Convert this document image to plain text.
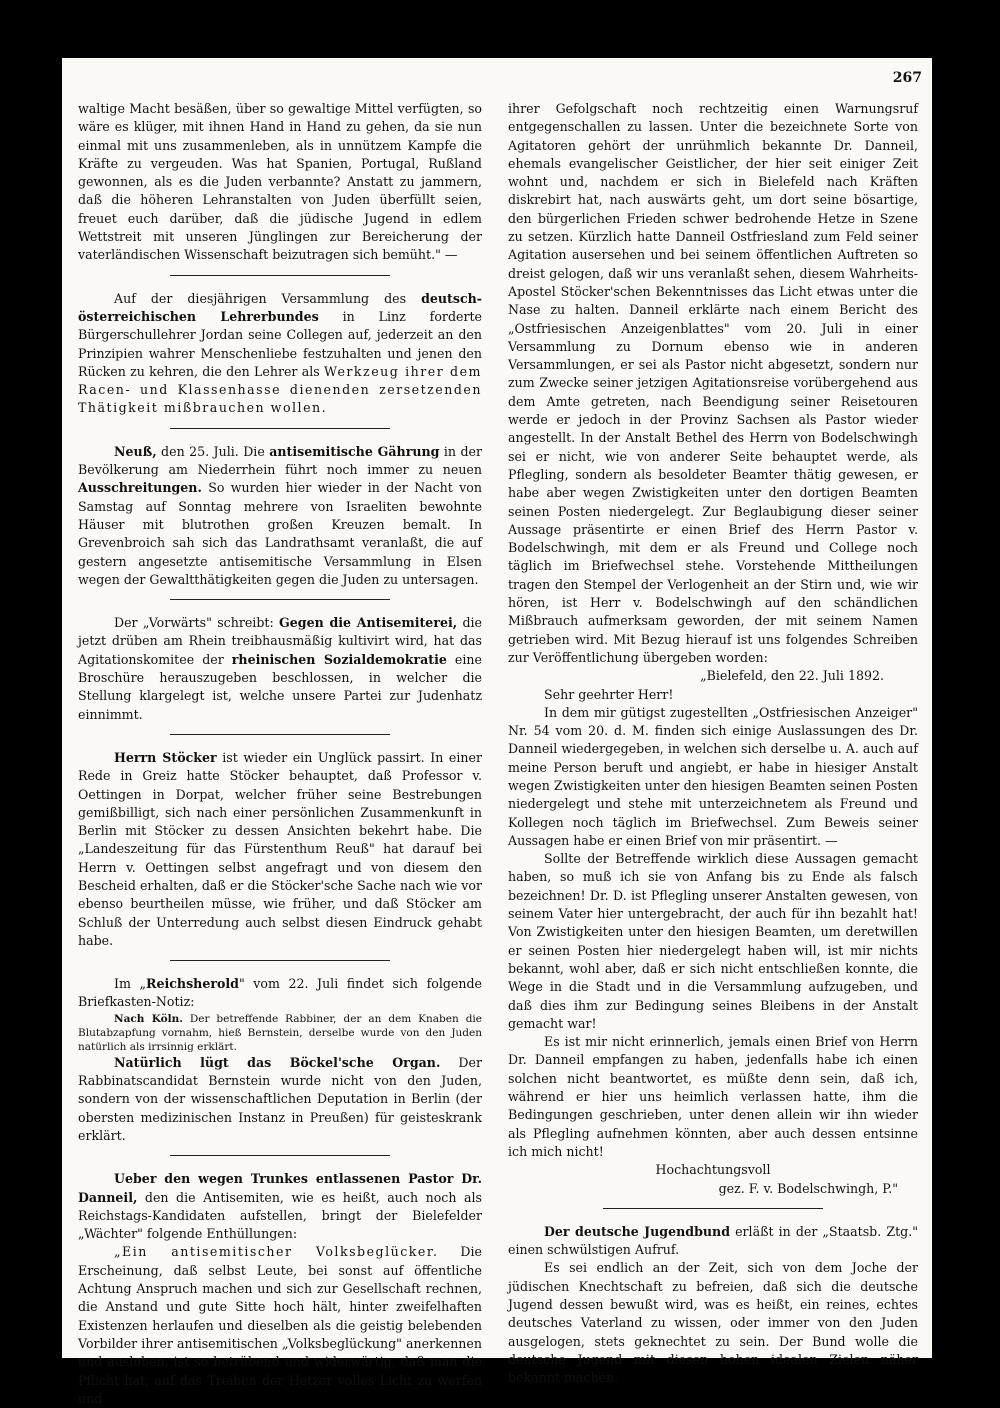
267

waltige Macht besäßen, über so gewaltige Mittel verfügten, so wäre es klüger, mit ihnen Hand in Hand zu gehen, da sie nun einmal mit uns zusammenleben, als in unnützem Kampfe die Kräfte zu vergeuden. Was hat Spanien, Portugal, Rußland gewonnen, als es die Juden verbannte? Anstatt zu jammern, daß die höheren Lehranstalten von Juden überfüllt seien, freuet euch darüber, daß die jüdische Jugend in edlem Wettstreit mit unseren Jünglingen zur Bereicherung der vaterländischen Wissenschaft beizutragen sich bemüht." —

Auf der diesjährigen Versammlung des deutsch-österreichischen Lehrerbundes in Linz forderte Bürgerschullehrer Jordan seine Collegen auf, jederzeit an den Prinzipien wahrer Menschenliebe festzuhalten und jenen den Rücken zu kehren, die den Lehrer als Werkzeug ihrer dem Racen- und Klassenhasse dienenden zersetzenden Thätigkeit mißbrauchen wollen.

Neuß, den 25. Juli. Die antisemitische Gährung in der Bevölkerung am Niederrhein führt noch immer zu neuen Ausschreitungen. So wurden hier wieder in der Nacht von Samstag auf Sonntag mehrere von Israeliten bewohnte Häuser mit blutrothen großen Kreuzen bemalt. In Grevenbroich sah sich das Landrathsamt veranlaßt, die auf gestern angesetzte antisemitische Versammlung in Elsen wegen der Gewaltthätigkeiten gegen die Juden zu untersagen.

Der „Vorwärts" schreibt: Gegen die Antisemiterei, die jetzt drüben am Rhein treibhausmäßig kultivirt wird, hat das Agitationskomitee der rheinischen Sozialdemokratie eine Broschüre herauszugeben beschlossen, in welcher die Stellung klargelegt ist, welche unsere Partei zur Judenhatz einnimmt.

Herrn Stöcker ist wieder ein Unglück passirt. In einer Rede in Greiz hatte Stöcker behauptet, daß Professor v. Oettingen in Dorpat, welcher früher seine Bestrebungen gemißbilligt, sich nach einer persönlichen Zusammenkunft in Berlin mit Stöcker zu dessen Ansichten bekehrt habe. Die „Landeszeitung für das Fürstenthum Reuß" hat darauf bei Herrn v. Oettingen selbst angefragt und von diesem den Bescheid erhalten, daß er die Stöcker'sche Sache nach wie vor ebenso beurtheilen müsse, wie früher, und daß Stöcker am Schluß der Unterredung auch selbst diesen Eindruck gehabt habe.

Im „Reichsherold" vom 22. Juli findet sich folgende Briefkasten-Notiz:

Nach Köln. Der betreffende Rabbiner, der an dem Knaben die Blutabzapfung vornahm, hieß Bernstein, derselbe wurde von den Juden natürlich als irrsinnig erklärt.

Natürlich lügt das Böckel'sche Organ. Der Rabbinatscandidat Bernstein wurde nicht von den Juden, sondern von der wissenschaftlichen Deputation in Berlin (der obersten medizinischen Instanz in Preußen) für geisteskrank erklärt.

Ueber den wegen Trunkes entlassenen Pastor Dr. Danneil, den die Antisemiten, wie es heißt, auch noch als Reichstags-Kandidaten aufstellen, bringt der Bielefelder „Wächter" folgende Enthüllungen:

„Ein antisemitischer Volksbeglücker. Die Erscheinung, daß selbst Leute, bei sonst auf öffentliche Achtung Anspruch machen und sich zur Gesellschaft rechnen, die Anstand und gute Sitte hoch hält, hinter zweifelhaften Existenzen herlaufen und dieselben als die geistig belebenden Vorbilder ihrer antisemitischen „Volksbeglückung" anerkennen und ausloben, ist so betrübend und widerwärtig, daß man die Pflicht hat, auf das Treiben der Hetzer volles Licht zu werfen und

ihrer Gefolgschaft noch rechtzeitig einen Warnungsruf entgegenschallen zu lassen. Unter die bezeichnete Sorte von Agitatoren gehört der unrühmlich bekannte Dr. Danneil, ehemals evangelischer Geistlicher, der hier seit einiger Zeit wohnt und, nachdem er sich in Bielefeld nach Kräften diskrebirt hat, nach auswärts geht, um dort seine bösartige, den bürgerlichen Frieden schwer bedrohende Hetze in Szene zu setzen. Kürzlich hatte Danneil Ostfriesland zum Feld seiner Agitation ausersehen und bei seinem öffentlichen Auftreten so dreist gelogen, daß wir uns veranlaßt sehen, diesem Wahrheits-Apostel Stöcker'schen Bekenntnisses das Licht etwas unter die Nase zu halten. Danneil erklärte nach einem Bericht des „Ostfriesischen Anzeigenblattes" vom 20. Juli in einer Versammlung zu Dornum ebenso wie in anderen Versammlungen, er sei als Pastor nicht abgesetzt, sondern nur zum Zwecke seiner jetzigen Agitationsreise vorübergehend aus dem Amte getreten, nach Beendigung seiner Reisetouren werde er jedoch in der Provinz Sachsen als Pastor wieder angestellt. In der Anstalt Bethel des Herrn von Bodelschwingh sei er nicht, wie von anderer Seite behauptet werde, als Pflegling, sondern als besoldeter Beamter thätig gewesen, er habe aber wegen Zwistigkeiten unter den dortigen Beamten seinen Posten niedergelegt. Zur Beglaubigung dieser seiner Aussage präsentirte er einen Brief des Herrn Pastor v. Bodelschwingh, mit dem er als Freund und College noch täglich im Briefwechsel stehe. Vorstehende Mittheilungen tragen den Stempel der Verlogenheit an der Stirn und, wie wir hören, ist Herr v. Bodelschwingh auf den schändlichen Mißbrauch aufmerksam geworden, der mit seinem Namen getrieben wird. Mit Bezug hierauf ist uns folgendes Schreiben zur Veröffentlichung übergeben worden:

„Bielefeld, den 22. Juli 1892.

Sehr geehrter Herr!

In dem mir gütigst zugestellten „Ostfriesischen Anzeiger" Nr. 54 vom 20. d. M. finden sich einige Auslassungen des Dr. Danneil wiedergegeben, in welchen sich derselbe u. A. auch auf meine Person beruft und angiebt, er habe in hiesiger Anstalt wegen Zwistigkeiten unter den hiesigen Beamten seinen Posten niedergelegt und stehe mit unterzeichnetem als Freund und Kollegen noch täglich im Briefwechsel. Zum Beweis seiner Aussagen habe er einen Brief von mir präsentirt. —

Sollte der Betreffende wirklich diese Aussagen gemacht haben, so muß ich sie von Anfang bis zu Ende als falsch bezeichnen! Dr. D. ist Pflegling unserer Anstalten gewesen, von seinem Vater hier untergebracht, der auch für ihn bezahlt hat! Von Zwistigkeiten unter den hiesigen Beamten, um deretwillen er seinen Posten hier niedergelegt haben will, ist mir nichts bekannt, wohl aber, daß er sich nicht entschließen konnte, die Wege in die Stadt und in die Versammlung aufzugeben, und daß dies ihm zur Bedingung seines Bleibens in der Anstalt gemacht war!

Es ist mir nicht erinnerlich, jemals einen Brief von Herrn Dr. Danneil empfangen zu haben, jedenfalls habe ich einen solchen nicht beantwortet, es müßte denn sein, daß ich, während er hier uns heimlich verlassen hatte, ihm die Bedingungen geschrieben, unter denen allein wir ihn wieder als Pflegling aufnehmen könnten, aber auch dessen entsinne ich mich nicht!

Hochachtungsvoll

gez. F. v. Bodelschwingh, P."

Der deutsche Jugendbund erläßt in der „Staatsb. Ztg." einen schwülstigen Aufruf.

Es sei endlich an der Zeit, sich von dem Joche der jüdischen Knechtschaft zu befreien, daß sich die deutsche Jugend dessen bewußt wird, was es heißt, ein reines, echtes deutsches Vaterland zu wissen, oder immer von den Juden ausgelogen, stets geknechtet zu sein. Der Bund wolle die deutsche Jugend mit diesen hohen idealen Zielen näher bekannt machen.
